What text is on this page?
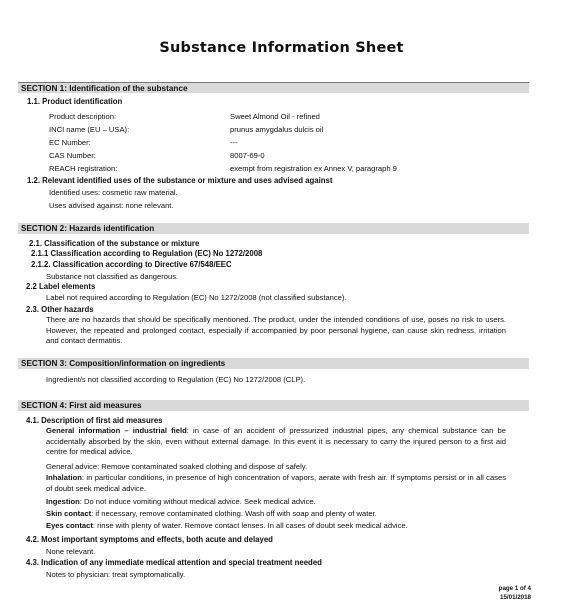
Substance Information Sheet
SECTION 1: Identification of the substance
1.1. Product identification
Product description:	Sweet Almond Oil - refined
INCI name (EU – USA):	prunus amygdalus dulcis oil
EC Number:	---
CAS Number:	8007-69-0
REACH registration:	exempt from registration ex Annex V, paragraph 9
1.2. Relevant identified uses of the substance or mixture and uses advised against
Identified uses: cosmetic raw material.
Uses advised against: none relevant.
SECTION 2: Hazards identification
2.1. Classification of the substance or mixture
2.1.1 Classification according to Regulation (EC) No 1272/2008
2.1.2. Classification according to Directive 67/548/EEC
Substance not classified as dangerous.
2.2 Label elements
Label not required according to Regulation (EC) No 1272/2008 (not classified substance).
2.3. Other hazards
There are no hazards that should be specifically mentioned. The product, under the intended conditions of use, poses no risk to users. However, the repeated and prolonged contact, especially if accompanied by poor personal hygiene, can cause skin redness, irritation and contact dermatitis.
SECTION 3: Composition/information on ingredients
Ingredient/s not classified according to Regulation (EC) No 1272/2008 (CLP).
SECTION 4: First aid measures
4.1. Description of first aid measures
General information – industrial field: in case of an accident of pressurized industrial pipes, any chemical substance can be accidentally absorbed by the skin, even without external damage. In this event it is necessary to carry the injured person to a first aid centre for medical advice.
General advice: Remove contaminated soaked clothing and dispose of safely.
Inhalation: in particular conditions, in presence of high concentration of vapors, aerate with fresh air. If symptoms persist or in all cases of doubt seek medical advice.
Ingestion: Do not induce vomiting without medical advice. Seek medical advice.
Skin contact: if necessary, remove contaminated clothing. Wash off with soap and plenty of water.
Eyes contact: rinse with plenty of water. Remove contact lenses. In all cases of doubt seek medical advice.
4.2. Most important symptoms and effects, both acute and delayed
None relevant.
4.3. Indication of any immediate medical attention and special treatment needed
Notes to physician: treat symptomatically.
page 1 of 4
15/01/2018
